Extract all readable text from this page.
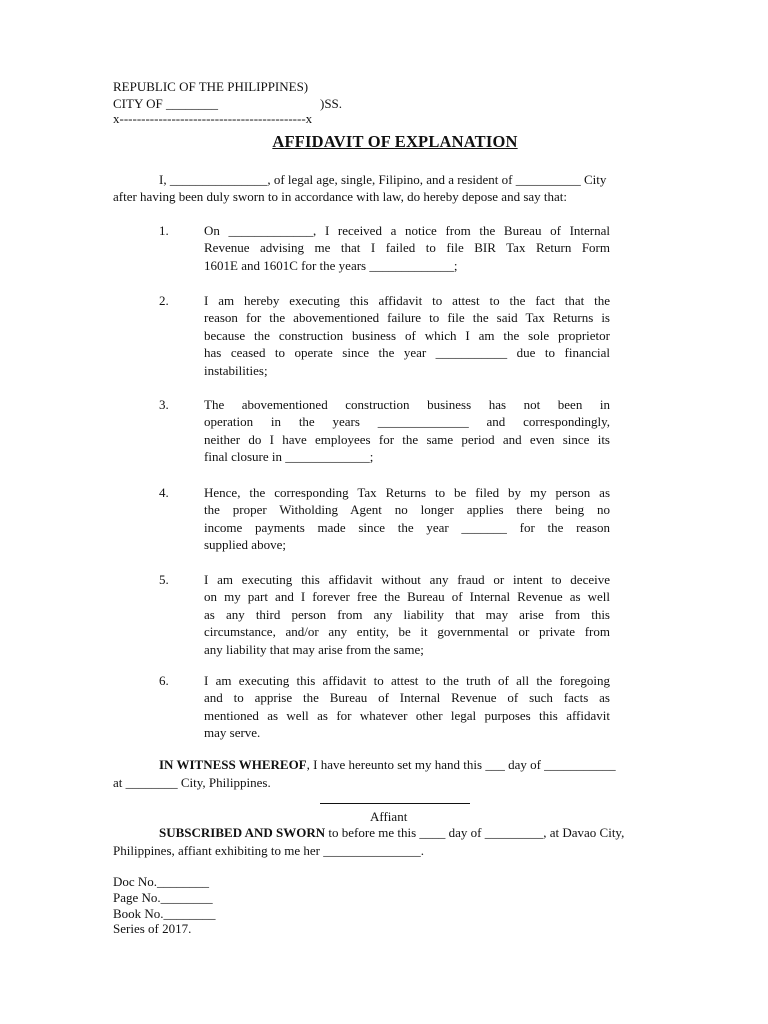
REPUBLIC OF THE PHILIPPINES)
CITY OF ________	)SS.
x-------------------------------------------x
AFFIDAVIT OF EXPLANATION
I, _______________, of legal age, single, Filipino, and a resident of __________ City
after having been duly sworn to in accordance with law, do hereby depose and say that:
1.	On _____________, I received a notice from the Bureau of Internal
Revenue advising me that I failed to file BIR Tax Return Form
1601E and 1601C for the years _____________;
2.	I am hereby executing this affidavit to attest to the fact that the
reason for the abovementioned failure to file the said Tax Returns is
because the construction business of which I am the sole proprietor
has ceased to operate since the year ___________ due to financial
instabilities;
3.	The abovementioned construction business has not been in
operation in the years ______________ and correspondingly,
neither do I have employees for the same period and even since its
final closure in _____________;
4.	Hence, the corresponding Tax Returns to be filed by my person as
the proper Witholding Agent no longer applies there being no
income payments made since the year _______ for the reason
supplied above;
5.	I am executing this affidavit without any fraud or intent to deceive
on my part and I forever free the Bureau of Internal Revenue as well
as any third person from any liability that may arise from this
circumstance, and/or any entity, be it governmental or private from
any liability that may arise from the same;
6.	I am executing this affidavit to attest to the truth of all the foregoing
and to apprise the Bureau of Internal Revenue of such facts as
mentioned as well as for whatever other legal purposes this affidavit
may serve.
IN WITNESS WHEREOF, I have hereunto set my hand this ___ day of ___________
at ________ City, Philippines.
Affiant
SUBSCRIBED AND SWORN to before me this ____ day of _________, at Davao City,
Philippines, affiant exhibiting to me her _______________.
Doc No.________
Page No.________
Book No.________
Series of 2017.
